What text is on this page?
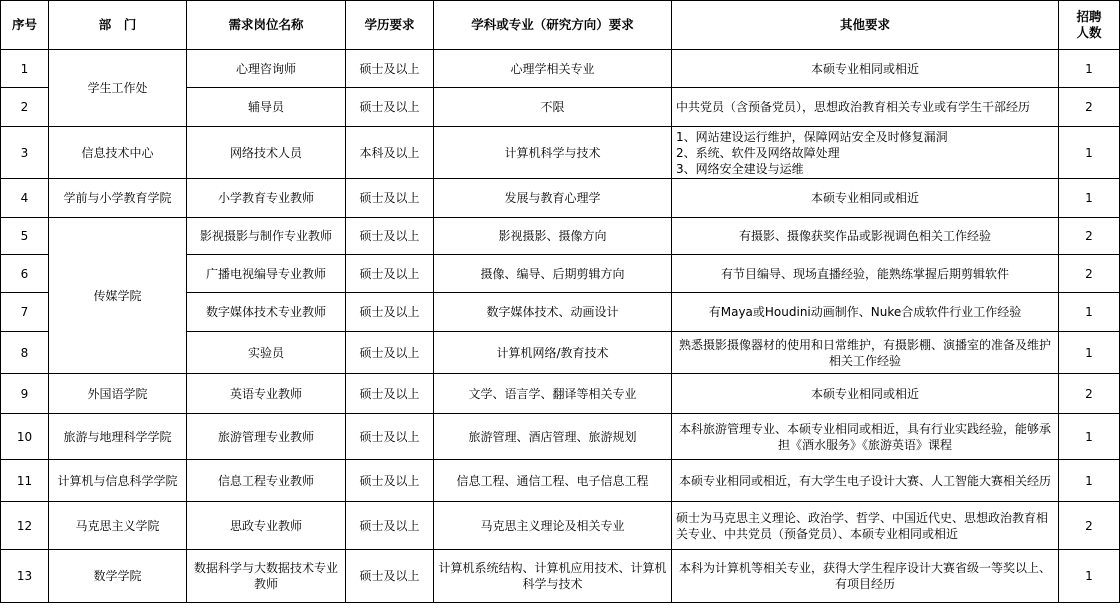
序号	部　门	需求岗位名称	学历要求	学科或专业（研究方向）要求	其他要求	招聘
人数

1	学生工作处	心理咨询师	硕士及以上	心理学相关专业	本硕专业相同或相近	1
2		辅导员	硕士及以上	不限	中共党员（含预备党员），思想政治教育相关专业或有学生干部经历	2
3	信息技术中心	网络技术人员	本科及以上	计算机科学与技术	1、网站建设运行维护，保障网站安全及时修复漏洞
2、系统、软件及网络故障处理
3、网络安全建设与运维	1
4	学前与小学教育学院	小学教育专业教师	硕士及以上	发展与教育心理学	本硕专业相同或相近	1
5	传媒学院	影视摄影与制作专业教师	硕士及以上	影视摄影、摄像方向	有摄影、摄像获奖作品或影视调色相关工作经验	2
6		广播电视编导专业教师	硕士及以上	摄像、编导、后期剪辑方向	有节目编导、现场直播经验，能熟练掌握后期剪辑软件	2
7		数字媒体技术专业教师	硕士及以上	数字媒体技术、动画设计	有Maya或Houdini动画制作、Nuke合成软件行业工作经验	1
8		实验员	硕士及以上	计算机网络/教育技术	熟悉摄影摄像器材的使用和日常维护，有摄影棚、演播室的准备及维护相关工作经验	1
9	外国语学院	英语专业教师	硕士及以上	文学、语言学、翻译等相关专业	本硕专业相同或相近	2
10	旅游与地理科学学院	旅游管理专业教师	硕士及以上	旅游管理、酒店管理、旅游规划	本科旅游管理专业、本硕专业相同或相近，具有行业实践经验，能够承担《酒水服务》《旅游英语》课程	1
11	计算机与信息科学学院	信息工程专业教师	硕士及以上	信息工程、通信工程、电子信息工程	本硕专业相同或相近，有大学生电子设计大赛、人工智能大赛相关经历	1
12	马克思主义学院	思政专业教师	硕士及以上	马克思主义理论及相关专业	硕士为马克思主义理论、政治学、哲学、中国近代史、思想政治教育相关专业、中共党员（预备党员）、本硕专业相同或相近	2
13	数学学院	数据科学与大数据技术专业教师	硕士及以上	计算机系统结构、计算机应用技术、计算机科学与技术	本科为计算机等相关专业，获得大学生程序设计大赛省级一等奖以上、有项目经历	1
